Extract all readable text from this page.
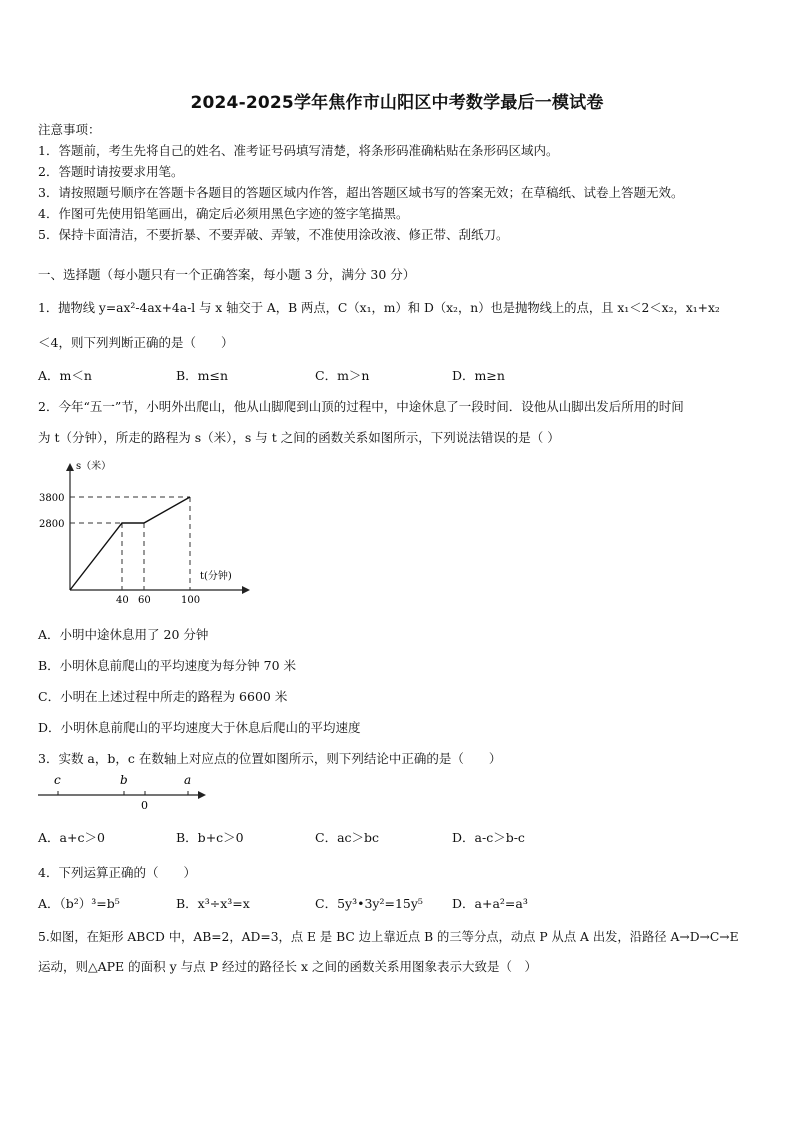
2024-2025学年焦作市山阳区中考数学最后一模试卷
注意事项：
1．答题前，考生先将自己的姓名、准考证号码填写清楚，将条形码准确粘贴在条形码区域内。
2．答题时请按要求用笔。
3．请按照题号顺序在答题卡各题目的答题区域内作答，超出答题区域书写的答案无效；在草稿纸、试卷上答题无效。
4．作图可先使用铅笔画出，确定后必须用黑色字迹的签字笔描黑。
5．保持卡面清洁，不要折暴、不要弄破、弄皱，不准使用涂改液、修正带、刮纸刀。
一、选择题（每小题只有一个正确答案，每小题 3 分，满分 30 分）
1．抛物线 y=ax²-4ax+4a-l 与 x 轴交于 A，B 两点，C（x₁，m）和 D（x₂，n）也是抛物线上的点，且 x₁＜2＜x₂，x₁+x₂
＜4，则下列判断正确的是（　　）
A．m＜n	B．m≤n	C．m＞n	D．m≥n
2．今年“五一”节，小明外出爬山，他从山脚爬到山顶的过程中，中途休息了一段时间．设他从山脚出发后所用的时间
为 t（分钟），所走的路程为 s（米），s 与 t 之间的函数关系如图所示，下列说法错误的是（ ）
s（米）
t(分钟)
3800
2800
40 60	100
A．小明中途休息用了 20 分钟
B．小明休息前爬山的平均速度为每分钟 70 米
C．小明在上述过程中所走的路程为 6600 米
D．小明休息前爬山的平均速度大于休息后爬山的平均速度
3．实数 a，b，c 在数轴上对应点的位置如图所示，则下列结论中正确的是（　　）
c	b	a
0
A．a+c＞0	B．b+c＞0	C．ac＞bc	D．a-c＞b-c
4．下列运算正确的（　　）
A．（b²）³=b⁵	B．x³÷x³=x	C．5y³•3y²=15y⁵ D．a+a²=a³
5.如图，在矩形 ABCD 中，AB=2，AD=3，点 E 是 BC 边上靠近点 B 的三等分点，动点 P 从点 A 出发，沿路径 A→D→C→E
运动，则△APE 的面积 y 与点 P 经过的路径长 x 之间的函数关系用图象表示大致是（　）
